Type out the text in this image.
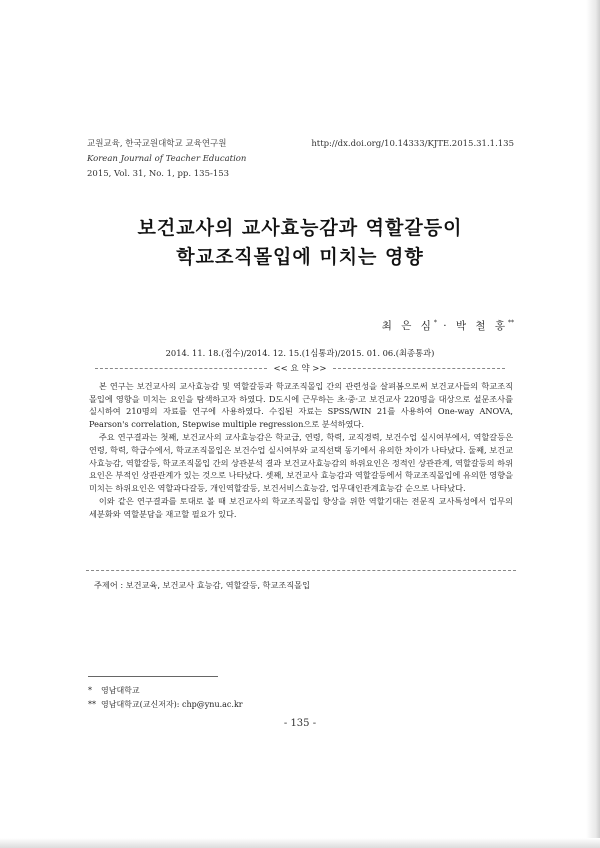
교원교육, 한국교원대학교 교육연구원
Korean Journal of Teacher Education
2015, Vol. 31, No. 1, pp. 135-153
http://dx.doi.org/10.14333/KJTE.2015.31.1.135
보건교사의 교사효능감과 역할갈등이
학교조직몰입에 미치는 영향
최 은 심* · 박 철 홍**
2014. 11. 18.(접수)/2014. 12. 15.(1심통과)/2015. 01. 06.(최종통과)
<< 요 약 >>

본 연구는 보건교사의 교사효능감 및 역할갈등과 학교조직몰입 간의 관련성을 살펴봄으로써 보건교사들의 학교조직몰입에 영향을 미치는 요인을 탐색하고자 하였다. D도시에 근무하는 초·중·고 보건교사 220명을 대상으로 설문조사를 실시하여 210명의 자료를 연구에 사용하였다. 수집된 자료는 SPSS/WIN 21를 사용하여 One-way ANOVA, Pearson's correlation, Stepwise multiple regression으로 분석하였다.

주요 연구결과는 첫째, 보건교사의 교사효능감은 학교급, 연령, 학력, 교직경력, 보건수업 실시여부에서, 역할갈등은 연령, 학력, 학급수에서, 학교조직몰입은 보건수업 실시여부와 교직선택 동기에서 유의한 차이가 나타났다. 둘째, 보건교사효능감, 역할갈등, 학교조직몰입 간의 상관분석 결과 보건교사효능감의 하위요인은 정적인 상관관계, 역할갈등의 하위요인은 부적인 상관관계가 있는 것으로 나타났다. 셋째, 보건교사 효능감과 역할갈등에서 학교조직몰입에 유의한 영향을 미치는 하위요인은 역할과다갈등, 개인역할갈등, 보건서비스효능감, 업무대인관계효능감 순으로 나타났다.

이와 같은 연구결과를 토대로 볼 때 보건교사의 학교조직몰입 향상을 위한 역할기대는 전문직 교사특성에서 업무의 세분화와 역할분담을 재고할 필요가 있다.

주제어 : 보건교육, 보건교사 효능감, 역할갈등, 학교조직몰입
* 영남대학교
** 영남대학교(교신저자): chp@ynu.ac.kr
- 135 -
